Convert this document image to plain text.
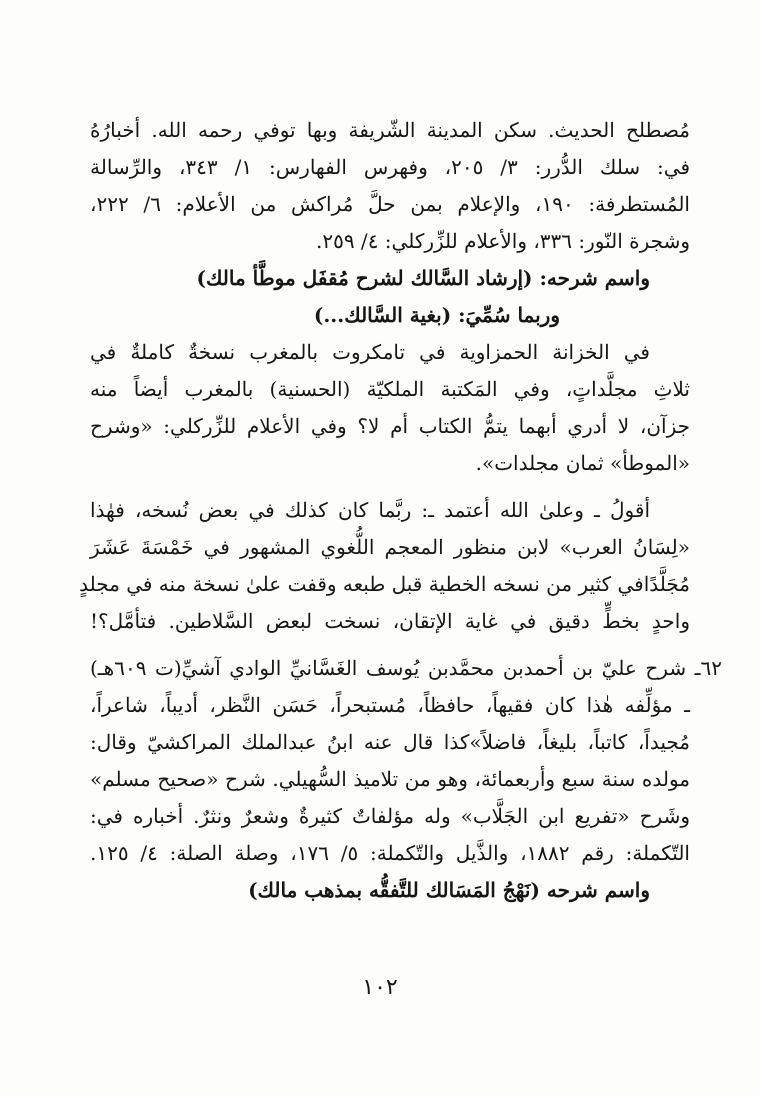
مُصطلح الحديث. سكن المدينة الشّريفة وبها توفي رحمه الله. أخبارُهُ
في: سلك الدُّرر: ٣/ ٢٠٥، وفهرس الفهارس: ١/ ٣٤٣، والرِّسالة
المُستطرفة: ١٩٠، والإعلام بمن حلَّ مُراكش من الأعلام: ٦/ ٢٢٢،
وشجرة النّور: ٣٣٦، والأعلام للزِّركلي: ٤/ ٢٥٩.
واسم شرحه: (إرشاد السَّالك لشرح مُقفَل موطَّأ مالك)
وربما سُمِّيَ: (بغية السَّالك...)
في الخزانة الحمزاوية في تامكروت بالمغرب نسخةٌ كاملةٌ في
ثلاثِ مجلَّداتٍ، وفي المَكتبة الملكيّة (الحسنية) بالمغرب أيضاً منه
جزآن، لا أدري أبهما يتمُّ الكتاب أم لا؟ وفي الأعلام للزِّركلي: «وشرح
«الموطأ» ثمان مجلدات».
أقولُ ـ وعلىٰ الله أعتمد ـ: ربَّما كان كذلك في بعض نُسخه، فهٰذا
«لِسَانُ العرب» لابن منظور المعجم اللُّغوي المشهور في خَمْسَةَ عَشَرَ
مُجَلَّدًافي كثير من نسخه الخطية قبل طبعه وقفت علىٰ نسخة منه في مجلدٍ
واحدٍ بخطٍّ دقيق في غاية الإتقان، نسخت لبعض السَّلاطين. فتأمَّل؟!
٦٢ـ شرح عليّ بن أحمدبن محمَّدبن يُوسف الغَسَّانيِّ الوادي آشيِّ(ت ٦٠٩هـ)
ـ مؤلِّفه هٰذا كان فقيهاً، حافظاً، مُستبحراً، حَسَن النَّظر، أديباً، شاعراً،
مُجيداً، كاتباً، بليغاً، فاضلاً»كذا قال عنه ابنُ عبدالملك المراكشيّ وقال:
مولده سنة سبع وأربعمائة، وهو من تلاميذ السُّهيلي. شرح «صحيح مسلم»
وشَرح «تفريع ابن الجَلَّاب» وله مؤلفاتٌ كثيرةٌ وشعرٌ ونثرٌ. أخباره في:
التّكملة: رقم ١٨٨٢، والذَّيل والتّكملة: ٥/ ١٧٦، وصلة الصلة: ٤/ ١٢٥.
واسم شرحه (نَهْجُ المَسَالك للتَّفقُّه بمذهب مالك)
١٠٢
